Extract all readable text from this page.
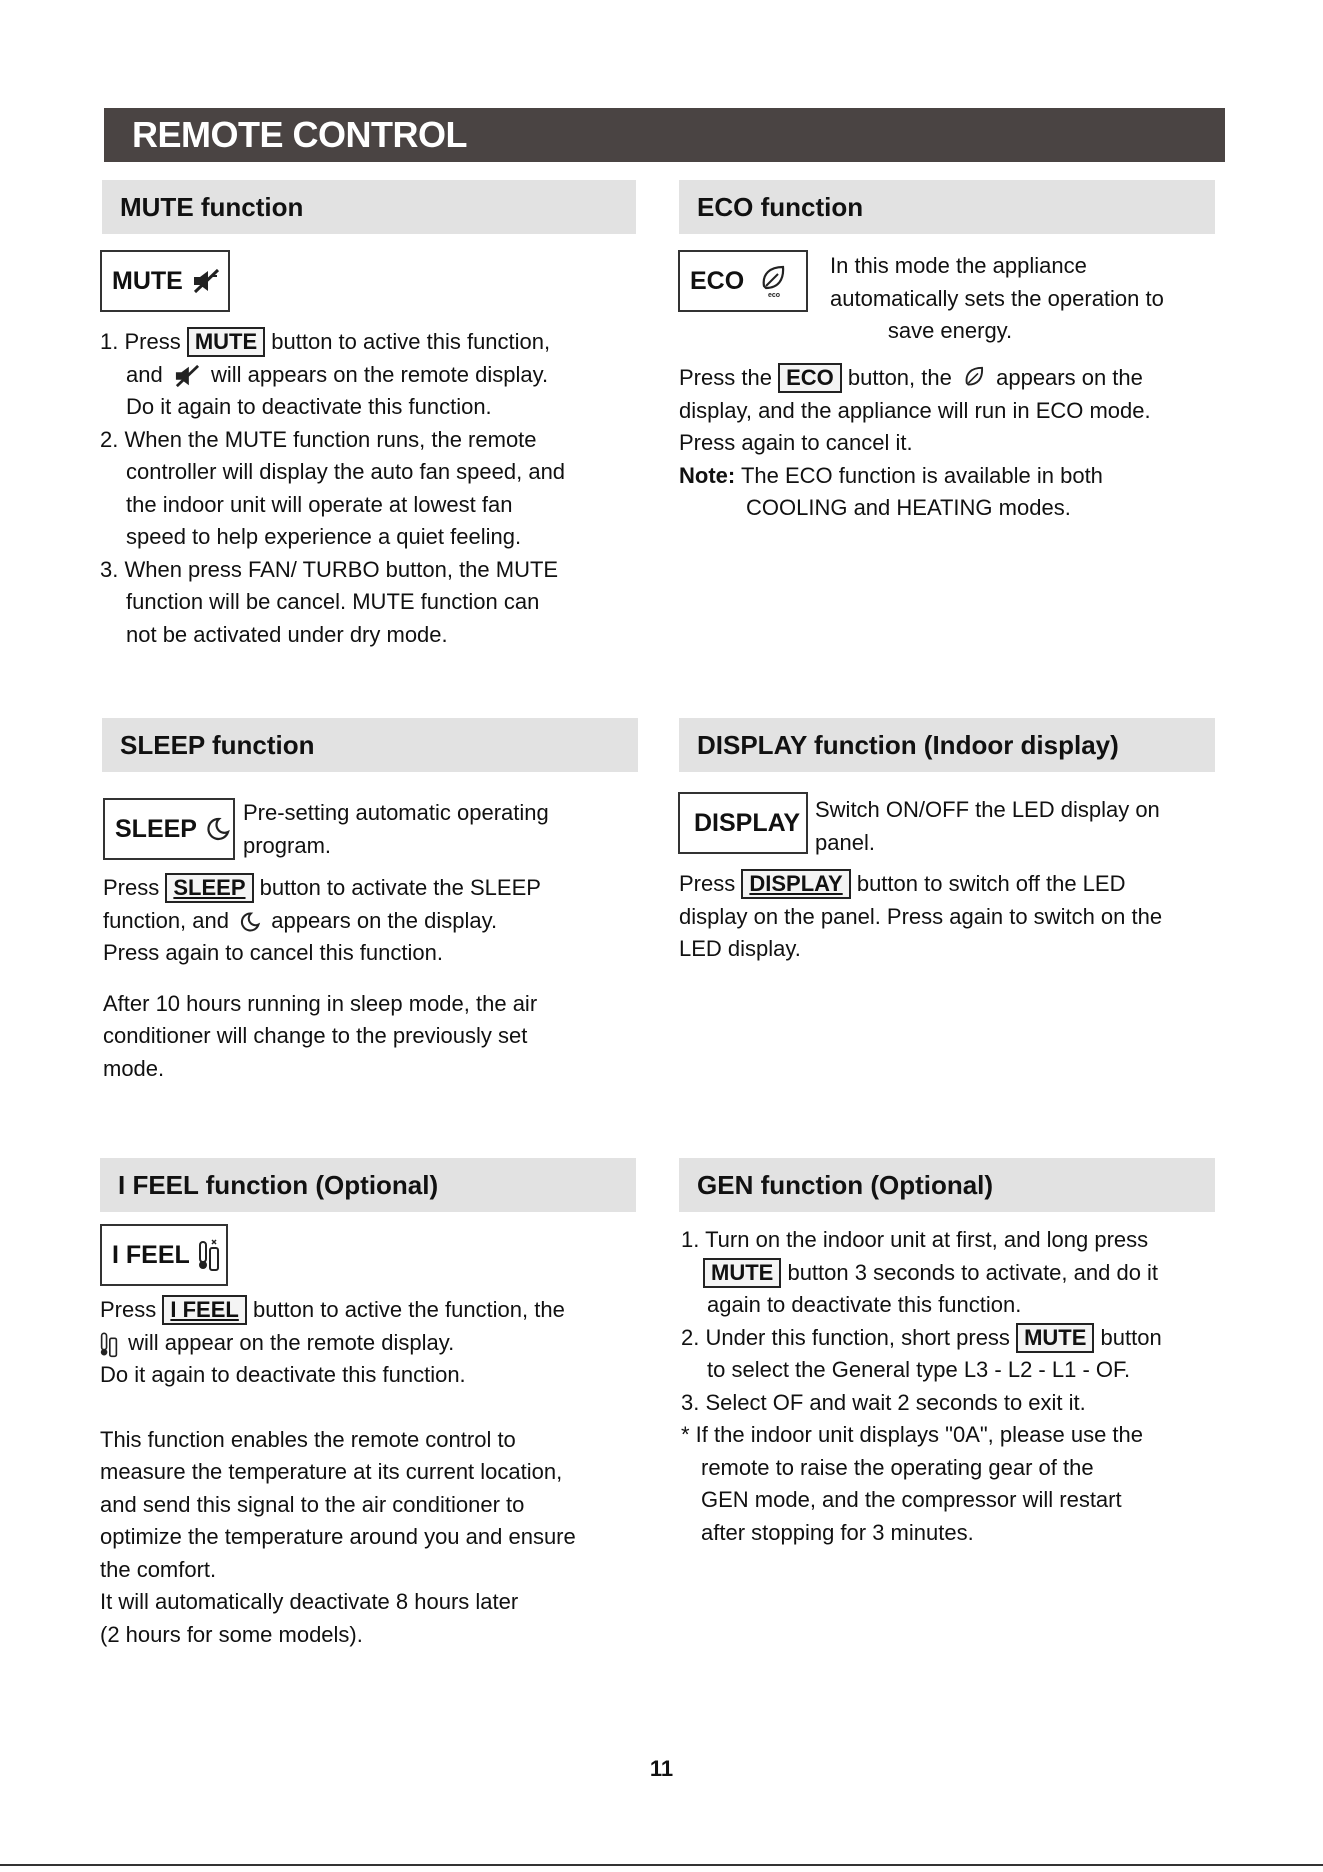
REMOTE CONTROL
MUTE function
MUTE

1. Press MUTE button to active this function,

and will appears on the remote display.

Do it again to deactivate this function.

2. When the MUTE function runs, the remote

controller will display the auto fan speed, and

the indoor unit will operate at lowest fan

speed to help experience a quiet feeling.

3. When press FAN/ TURBO button, the MUTE

function will be cancel. MUTE function can

not be activated under dry mode.

ECO function
ECO
eco

In this mode the appliance

automatically sets the operation to

save energy.

Press the ECO button, the appears on the

display, and the appliance will run in ECO mode.

Press again to cancel it.

Note: The ECO function is available in both

COOLING and HEATING modes.

SLEEP function
SLEEP

Pre-setting automatic operating

program.

Press SLEEP button to activate the SLEEP

function, and appears on the display.

Press again to cancel this function.

After 10 hours running in sleep mode, the air

conditioner will change to the previously set

mode.

DISPLAY function (Indoor display)
DISPLAY Switch ON/OFF the LED display on

panel.

Press DISPLAY button to switch off the LED

display on the panel. Press again to switch on the

LED display.

I FEEL function (Optional)
I FEEL

Press I FEEL button to active the function, the

will appear on the remote display.

Do it again to deactivate this function.

This function enables the remote control to

measure the temperature at its current location,

and send this signal to the air conditioner to

optimize the temperature around you and ensure

the comfort.

It will automatically deactivate 8 hours later

(2 hours for some models).

GEN function (Optional)

1. Turn on the indoor unit at first, and long press

MUTE button 3 seconds to activate, and do it

again to deactivate this function.

2. Under this function, short press MUTE button

to select the General type L3 - L2 - L1 - OF.

3. Select OF and wait 2 seconds to exit it.

* If the indoor unit displays "0A", please use the

remote to raise the operating gear of the

GEN mode, and the compressor will restart

after stopping for 3 minutes.

11
